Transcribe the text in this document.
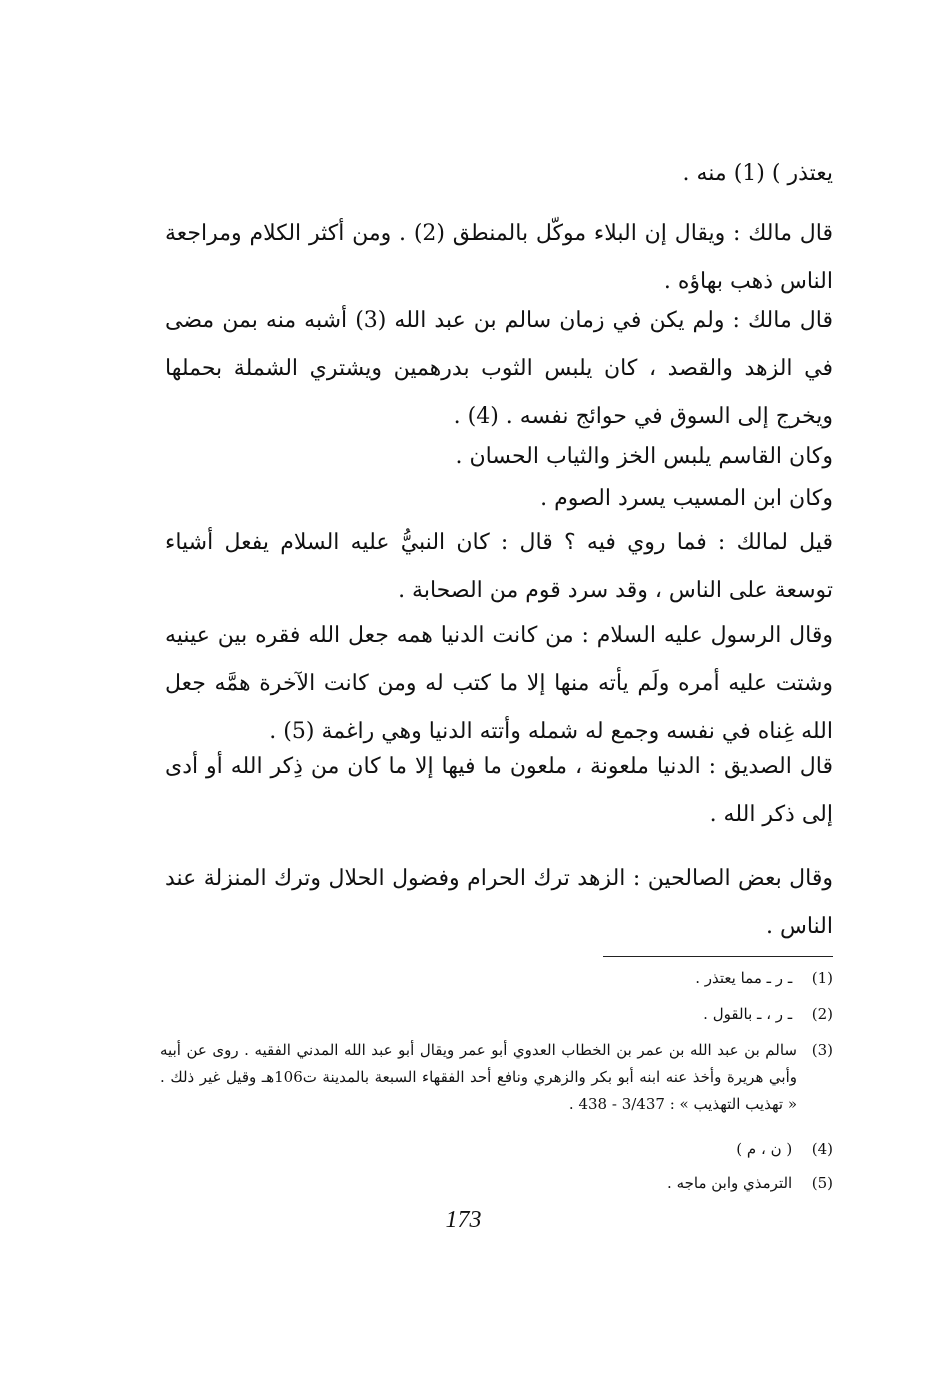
يعتذر ) (1) منه .

قال مالك : ويقال إن البلاء موكّل بالمنطق (2) . ومن أكثر الكلام ومراجعة الناس ذهب بهاؤه .

قال مالك : ولم يكن في زمان سالم بن عبد الله (3) أشبه منه بمن مضى في الزهد والقصد ، كان يلبس الثوب بدرهمين ويشتري الشملة بحملها ويخرج إلى السوق في حوائج نفسه . (4) .

وكان القاسم يلبس الخز والثياب الحسان .

وكان ابن المسيب يسرد الصوم .

قيل لمالك : فما روي فيه ؟ قال : كان النبيُّ عليه السلام يفعل أشياء توسعة على الناس ، وقد سرد قوم من الصحابة .

وقال الرسول عليه السلام : من كانت الدنيا همه جعل الله فقره بين عينيه وشتت عليه أمره ولَم يأته منها إلا ما كتب له ومن كانت الآخرة همَّه جعل الله غِناه في نفسه وجمع له شمله وأتته الدنيا وهي راغمة (5) .

قال الصديق : الدنيا ملعونة ، ملعون ما فيها إلا ما كان من ذِكر الله أو أدى إلى ذكر الله .

وقال بعض الصالحين : الزهد ترك الحرام وفضول الحلال وترك المنزلة عند الناس .

(1) ـ ر ـ مما يعتذر .

(2) ـ ر ، ـ بالقول .

(3)
سالم بن عبد الله بن عمر بن الخطاب العدوي أبو عمر ويقال أبو عبد الله المدني الفقيه . روى عن أبيه وأبي هريرة وأخذ عنه ابنه أبو بكر والزهري ونافع أحد الفقهاء السبعة بالمدينة ت106هـ وقيل غير ذلك . « تهذيب التهذيب » : 3/437 - 438 .

(4) ( ن ، م )

(5) الترمذي وابن ماجه .

173
